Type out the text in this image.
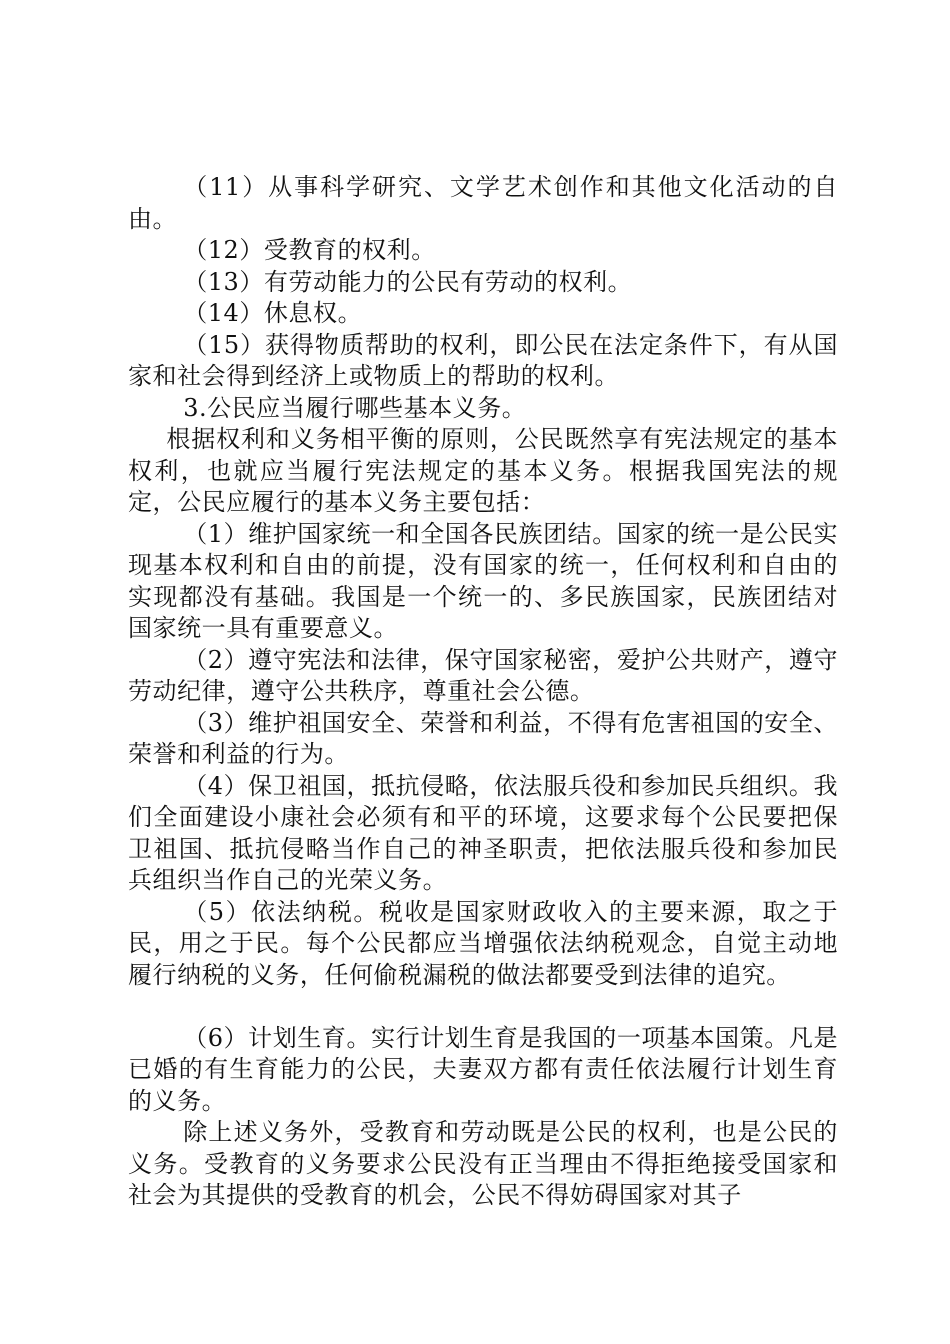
（11）从事科学研究、文学艺术创作和其他文化活动的自由。

（12）受教育的权利。

（13）有劳动能力的公民有劳动的权利。

（14）休息权。

（15）获得物质帮助的权利，即公民在法定条件下，有从国家和社会得到经济上或物质上的帮助的权利。

3.公民应当履行哪些基本义务。

根据权利和义务相平衡的原则，公民既然享有宪法规定的基本权利，也就应当履行宪法规定的基本义务。根据我国宪法的规定，公民应履行的基本义务主要包括：

（1）维护国家统一和全国各民族团结。国家的统一是公民实现基本权利和自由的前提，没有国家的统一，任何权利和自由的实现都没有基础。我国是一个统一的、多民族国家，民族团结对国家统一具有重要意义。

（2）遵守宪法和法律，保守国家秘密，爱护公共财产，遵守劳动纪律，遵守公共秩序，尊重社会公德。

（3）维护祖国安全、荣誉和利益，不得有危害祖国的安全、荣誉和利益的行为。

（4）保卫祖国，抵抗侵略，依法服兵役和参加民兵组织。我们全面建设小康社会必须有和平的环境，这要求每个公民要把保卫祖国、抵抗侵略当作自己的神圣职责，把依法服兵役和参加民兵组织当作自己的光荣义务。

（5）依法纳税。税收是国家财政收入的主要来源，取之于民，用之于民。每个公民都应当增强依法纳税观念，自觉主动地履行纳税的义务，任何偷税漏税的做法都要受到法律的追究。

（6）计划生育。实行计划生育是我国的一项基本国策。凡是已婚的有生育能力的公民，夫妻双方都有责任依法履行计划生育的义务。

除上述义务外，受教育和劳动既是公民的权利，也是公民的义务。受教育的义务要求公民没有正当理由不得拒绝接受国家和社会为其提供的受教育的机会，公民不得妨碍国家对其子
